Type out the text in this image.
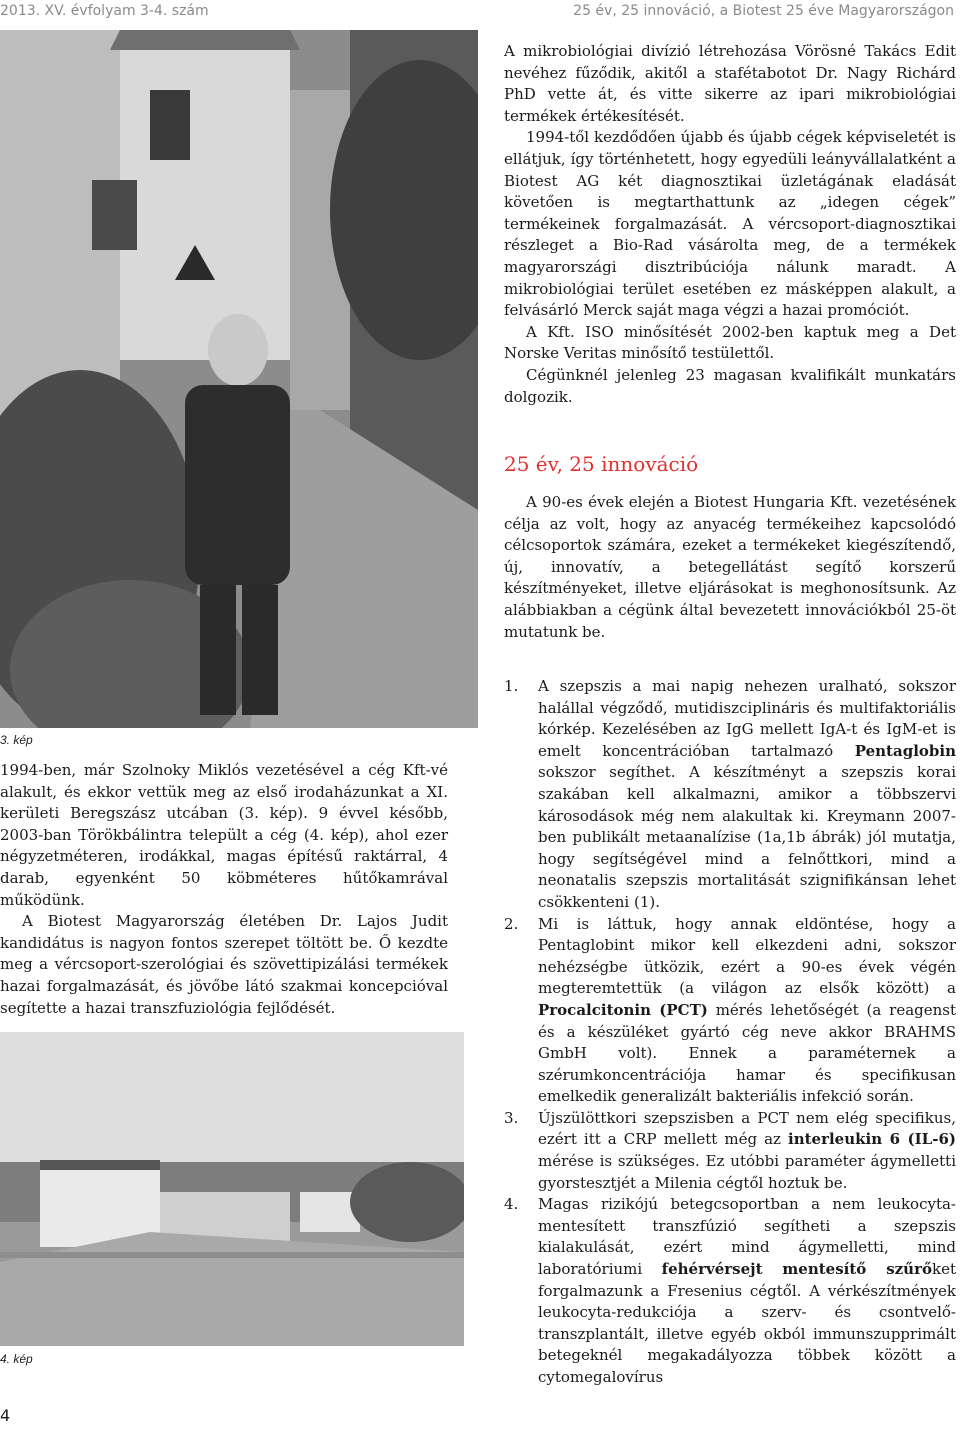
2013. XV. évfolyam 3-4. szám	25 év, 25 innováció, a Biotest 25 éve Magyarországon
3. kép

1994-ben, már Szolnoky Miklós vezetésével a cég Kft-vé alakult, és ekkor vettük meg az első irodaházunkat a XI. kerületi Beregszász utcában (3. kép). 9 évvel később, 2003-ban Törökbálintra települt a cég (4. kép), ahol ezer négyzetméteren, irodákkal, magas építésű raktárral, 4 darab, egyenként 50 köbméteres hűtőkamrával működünk.

A Biotest Magyarország életében Dr. Lajos Judit kandidátus is nagyon fontos szerepet töltött be. Ő kezdte meg a vércsoport-szerológiai és szövettipizálási termékek hazai forgalmazását, és jövőbe látó szakmai koncepcióval segítette a hazai transzfuziológia fejlődését.

4. kép

A mikrobiológiai divízió létrehozása Vörösné Takács Edit nevéhez fűződik, akitől a stafétabotot Dr. Nagy Richárd PhD vette át, és vitte sikerre az ipari mikrobiológiai termékek értékesítését.

1994-től kezdődően újabb és újabb cégek képviseletét is ellátjuk, így történhetett, hogy egyedüli leányvállalatként a Biotest AG két diagnosztikai üzletágának eladását követően is megtarthattunk az „idegen cégek” termékeinek forgalmazását. A vércsoport-diagnosztikai részleget a Bio-Rad vásárolta meg, de a termékek magyarországi disztribúciója nálunk maradt. A mikrobiológiai terület esetében ez másképpen alakult, a felvásárló Merck saját maga végzi a hazai promóciót.

A Kft. ISO minősítését 2002-ben kaptuk meg a Det Norske Veritas minősítő testülettől.

Cégünknél jelenleg 23 magasan kvalifikált munkatárs dolgozik.

25 év, 25 innováció

A 90-es évek elején a Biotest Hungaria Kft. vezetésének célja az volt, hogy az anyacég termékeihez kapcsolódó célcsoportok számára, ezeket a termékeket kiegészítendő, új, innovatív, a betegellátást segítő korszerű készítményeket, illetve eljárásokat is meghonosítsunk. Az alábbiakban a cégünk által bevezetett innovációkból 25-öt mutatunk be.

1.	A szepszis a mai napig nehezen uralható, sokszor halállal végződő, mutidiszciplináris és multifaktoriális kórkép. Kezelésében az IgG mellett IgA-t és IgM-et is emelt koncentrációban tartalmazó Pentaglobin sokszor segíthet. A készítményt a szepszis korai szakában kell alkalmazni, amikor a többszervi károsodások még nem alakultak ki. Kreymann 2007-ben publikált metaanalízise (1a,1b ábrák) jól mutatja, hogy segítségével mind a felnőttkori, mind a neonatalis szepszis mortalitását szignifikánsan lehet csökkenteni (1).
2.	Mi is láttuk, hogy annak eldöntése, hogy a Pentaglobint mikor kell elkezdeni adni, sokszor nehézségbe ütközik, ezért a 90-es évek végén megteremtettük (a világon az elsők között) a Procalcitonin (PCT) mérés lehetőségét (a reagenst és a készüléket gyártó cég neve akkor BRAHMS GmbH volt). Ennek a paraméternek a szérumkoncentrációja hamar és specifikusan emelkedik generalizált bakteriális infekció során.
3.	Újszülöttkori szepszisben a PCT nem elég specifikus, ezért itt a CRP mellett még az interleukin 6 (IL-6) mérése is szükséges. Ez utóbbi paraméter ágymelletti gyorstesztjét a Milenia cégtől hoztuk be.
4.	Magas rizikójú betegcsoportban a nem leukocyta-mentesített transzfúzió segítheti a szepszis kialakulását, ezért mind ágymelletti, mind laboratóriumi fehérvérsejt mentesítő szűrőket forgalmazunk a Fresenius cégtől. A vérkészítmények leukocyta-redukciója a szerv- és csontvelő-transzplantált, illetve egyéb okból immunszupprimált betegeknél megakadályozza többek között a cytomegalovírus
4
